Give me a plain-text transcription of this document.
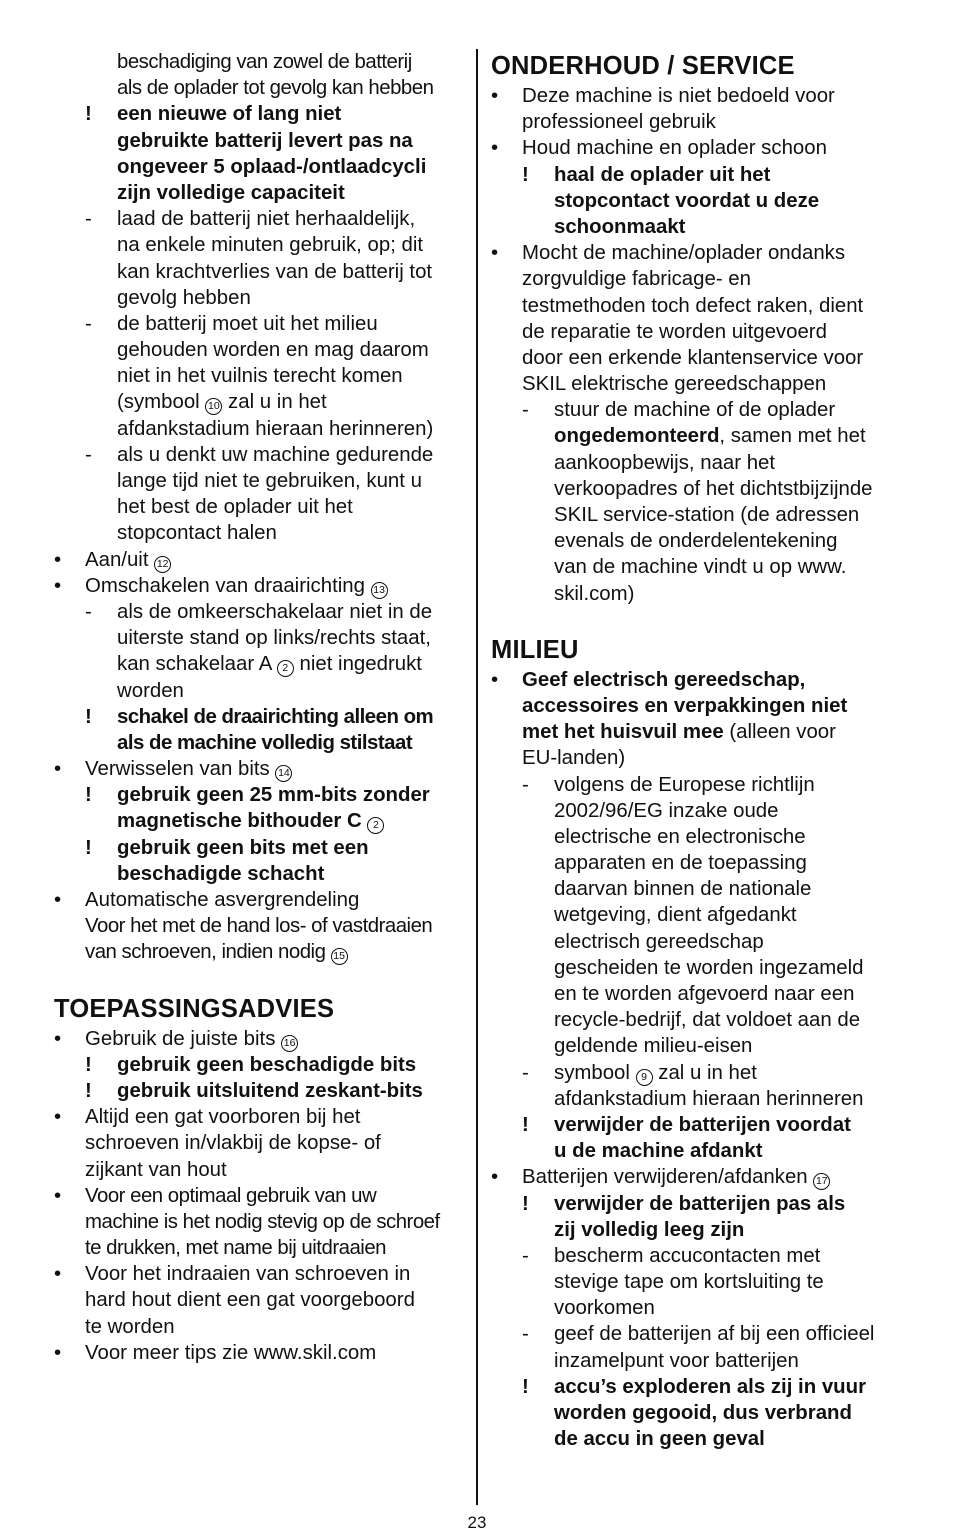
beschadiging van zowel de batterij
als de oplader tot gevolg kan hebben
! een nieuwe of lang niet
gebruikte batterij levert pas na
ongeveer 5 oplaad-/ontlaadcycli
zijn volledige capaciteit
- laad de batterij niet herhaaldelijk,
na enkele minuten gebruik, op; dit
kan krachtverlies van de batterij tot
gevolg hebben
- de batterij moet uit het milieu
gehouden worden en mag daarom
niet in het vuilnis terecht komen
(symbool 10 zal u in het
afdankstadium hieraan herinneren)
- als u denkt uw machine gedurende
lange tijd niet te gebruiken, kunt u
het best de oplader uit het
stopcontact halen
• Aan/uit 12
• Omschakelen van draairichting 13
- als de omkeerschakelaar niet in de
uiterste stand op links/rechts staat,
kan schakelaar A 2 niet ingedrukt
worden
! schakel de draairichting alleen om
als de machine volledig stilstaat
• Verwisselen van bits 14
! gebruik geen 25 mm-bits zonder
magnetische bithouder C 2
! gebruik geen bits met een
beschadigde schacht
• Automatische asvergrendeling
Voor het met de hand los- of vastdraaien
van schroeven, indien nodig 15
TOEPASSINGSADVIES
• Gebruik de juiste bits 16
! gebruik geen beschadigde bits
! gebruik uitsluitend zeskant-bits
• Altijd een gat voorboren bij het
schroeven in/vlakbij de kopse- of
zijkant van hout
• Voor een optimaal gebruik van uw
machine is het nodig stevig op de schroef
te drukken, met name bij uitdraaien
• Voor het indraaien van schroeven in
hard hout dient een gat voorgeboord
te worden
• Voor meer tips zie www.skil.com
ONDERHOUD / SERVICE
• Deze machine is niet bedoeld voor
professioneel gebruik
• Houd machine en oplader schoon
! haal de oplader uit het
stopcontact voordat u deze
schoonmaakt
• Mocht de machine/oplader ondanks
zorgvuldige fabricage- en
testmethoden toch defect raken, dient
de reparatie te worden uitgevoerd
door een erkende klantenservice voor
SKIL elektrische gereedschappen
- stuur de machine of de oplader
ongedemonteerd, samen met het
aankoopbewijs, naar het
verkoopadres of het dichtstbijzijnde
SKIL service-station (de adressen
evenals de onderdelentekening
van de machine vindt u op www.
skil.com)
MILIEU
• Geef electrisch gereedschap,
accessoires en verpakkingen niet
met het huisvuil mee (alleen voor
EU-landen)
- volgens de Europese richtlijn
2002/96/EG inzake oude
electrische en electronische
apparaten en de toepassing
daarvan binnen de nationale
wetgeving, dient afgedankt
electrisch gereedschap
gescheiden te worden ingezameld
en te worden afgevoerd naar een
recycle-bedrijf, dat voldoet aan de
geldende milieu-eisen
- symbool 9 zal u in het
afdankstadium hieraan herinneren
! verwijder de batterijen voordat
u de machine afdankt
• Batterijen verwijderen/afdanken 17
! verwijder de batterijen pas als
zij volledig leeg zijn
- bescherm accucontacten met
stevige tape om kortsluiting te
voorkomen
- geef de batterijen af bij een officieel
inzamelpunt voor batterijen
! accu’s exploderen als zij in vuur
worden gegooid, dus verbrand
de accu in geen geval
23
